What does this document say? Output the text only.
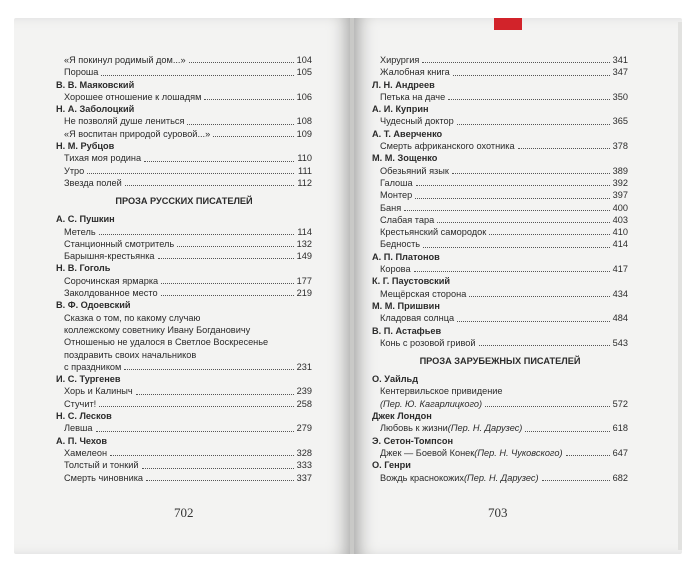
«Я покинул родимый дом...»	104
Пороша	105
В. В. Маяковский
Хорошее отношение к лошадям	106
Н. А. Заболоцкий
Не позволяй душе лениться	108
«Я воспитан природой суровой...»	109
Н. М. Рубцов
Тихая моя родина	110
Утро	111
Звезда полей	112
ПРОЗА РУССКИХ ПИСАТЕЛЕЙ
А. С. Пушкин
Метель	114
Станционный смотритель	132
Барышня-крестьянка	149
Н. В. Гоголь
Сорочинская ярмарка	177
Заколдованное место	219
В. Ф. Одоевский
Сказка о том, по какому случаю
коллежскому советнику Ивану Богдановичу
Отношенью не удалося в Светлое Воскресенье
поздравить своих начальников
с праздником	231
И. С. Тургенев
Хорь и Калиныч	239
Стучит!	258
Н. С. Лесков
Левша	279
А. П. Чехов
Хамелеон	328
Толстый и тонкий	333
Смерть чиновника	337
Хирургия	341
Жалобная книга	347
Л. Н. Андреев
Петька на даче	350
А. И. Куприн
Чудесный доктор	365
А. Т. Аверченко
Смерть африканского охотника	378
М. М. Зощенко
Обезьяний язык	389
Галоша	392
Монтер	397
Баня	400
Слабая тара	403
Крестьянский самородок	410
Бедность	414
А. П. Платонов
Корова	417
К. Г. Паустовский
Мещёрская сторона	434
М. М. Пришвин
Кладовая солнца	484
В. П. Астафьев
Конь с розовой гривой	543
ПРОЗА ЗАРУБЕЖНЫХ ПИСАТЕЛЕЙ
О. Уайльд
Кентервильское привидение
(Пер. Ю. Кагарлицкого)	572
Джек Лондон
Любовь к жизни (Пер. Н. Дарузес)	618
Э. Сетон-Томпсон
Джек — Боевой Конек (Пер. Н. Чуковского)	647
О. Генри
Вождь краснокожих (Пер. Н. Дарузес)	682
702	703
